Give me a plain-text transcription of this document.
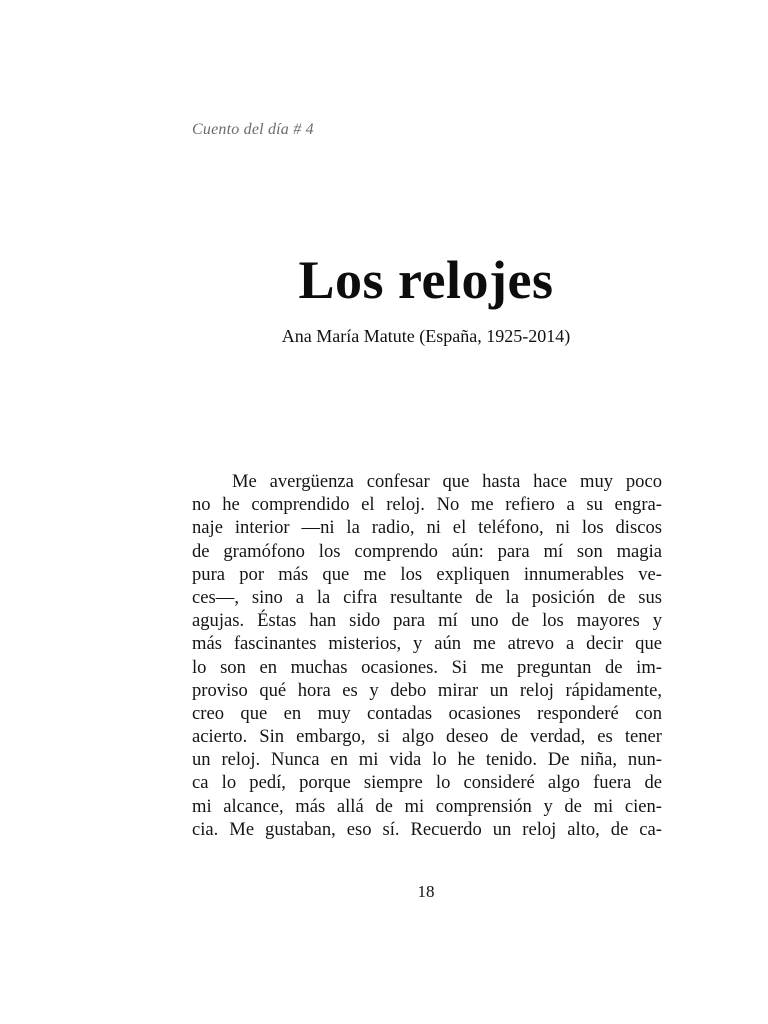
Cuento del día # 4
Los relojes
Ana María Matute (España, 1925-2014)
Me avergüenza confesar que hasta hace muy poco
no he comprendido el reloj. No me refiero a su engra-
naje interior —ni la radio, ni el teléfono, ni los discos
de gramófono los comprendo aún: para mí son magia
pura por más que me los expliquen innumerables ve-
ces—, sino a la cifra resultante de la posición de sus
agujas. Éstas han sido para mí uno de los mayores y
más fascinantes misterios, y aún me atrevo a decir que
lo son en muchas ocasiones. Si me preguntan de im-
proviso qué hora es y debo mirar un reloj rápidamente,
creo que en muy contadas ocasiones responderé con
acierto. Sin embargo, si algo deseo de verdad, es tener
un reloj. Nunca en mi vida lo he tenido. De niña, nun-
ca lo pedí, porque siempre lo consideré algo fuera de
mi alcance, más allá de mi comprensión y de mi cien-
cia. Me gustaban, eso sí. Recuerdo un reloj alto, de ca-
18
